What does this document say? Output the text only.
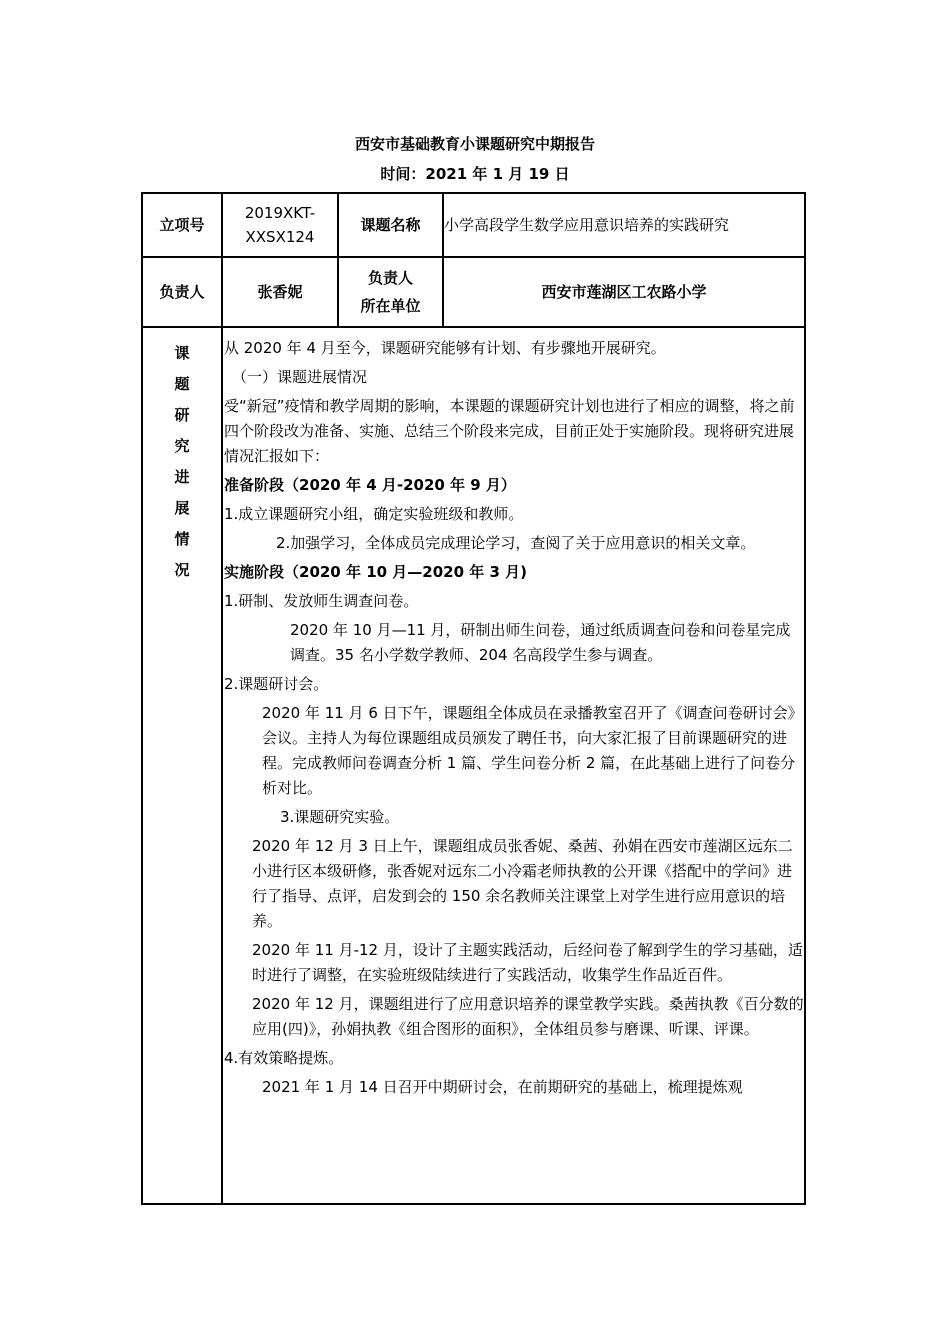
西安市基础教育小课题研究中期报告
时间：2021 年 1 月 19 日
立项号
2019XKT-XXSX124
课题名称	小学高段学生数学应用意识培养的实践研究
负责人	张香妮
负责人
所在单位
西安市莲湖区工农路小学
课
题
研
究
进
展
情
况
从 2020 年 4 月至今，课题研究能够有计划、有步骤地开展研究。
（一）课题进展情况
受“新冠”疫情和教学周期的影响，本课题的课题研究计划也进行了相应的调整，将之前四个阶段改为准备、实施、总结三个阶段来完成，目前正处于实施阶段。现将研究进展情况汇报如下：
准备阶段（2020 年 4 月-2020 年 9 月）
1.成立课题研究小组，确定实验班级和教师。
2.加强学习，全体成员完成理论学习，查阅了关于应用意识的相关文章。
实施阶段（2020 年 10 月—2020 年 3 月)
1.研制、发放师生调查问卷。
2020 年 10 月—11 月，研制出师生问卷，通过纸质调查问卷和问卷星完成调查。35 名小学数学教师、204 名高段学生参与调查。
2.课题研讨会。
2020 年 11 月 6 日下午，课题组全体成员在录播教室召开了《调查问卷研讨会》会议。主持人为每位课题组成员颁发了聘任书，向大家汇报了目前课题研究的进程。完成教师问卷调查分析 1 篇、学生问卷分析 2 篇，在此基础上进行了问卷分析对比。
3.课题研究实验。
2020 年 12 月 3 日上午，课题组成员张香妮、桑茜、孙娟在西安市莲湖区远东二小进行区本级研修，张香妮对远东二小冷霜老师执教的公开课《搭配中的学问》进行了指导、点评，启发到会的 150 余名教师关注课堂上对学生进行应用意识的培养。
2020 年 11 月-12 月，设计了主题实践活动，后经问卷了解到学生的学习基础，适时进行了调整，在实验班级陆续进行了实践活动，收集学生作品近百件。
2020 年 12 月，课题组进行了应用意识培养的课堂教学实践。桑茜执教《百分数的应用(四)》，孙娟执教《组合图形的面积》，全体组员参与磨课、听课、评课。
4.有效策略提炼。
2021 年 1 月 14 日召开中期研讨会，在前期研究的基础上，梳理提炼观
